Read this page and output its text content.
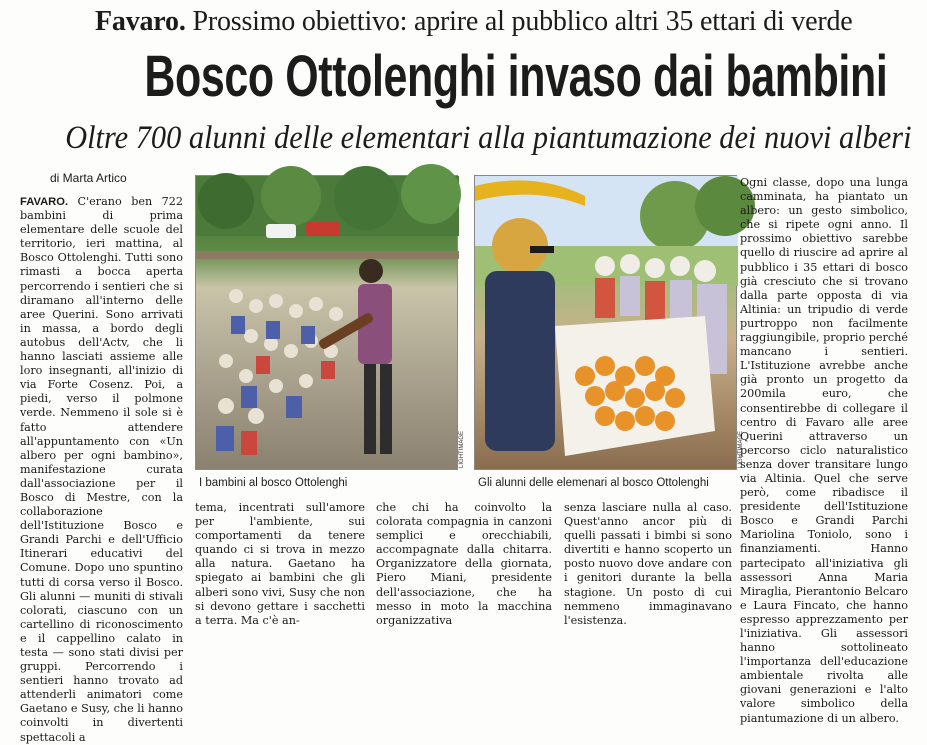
Favaro. Prossimo obiettivo: aprire al pubblico altri 35 ettari di verde
Bosco Ottolenghi invaso dai bambini
Oltre 700 alunni delle elementari alla piantumazione dei nuovi alberi
di Marta Artico

FAVARO. C'erano ben 722 bambini di prima elementare delle scuole del territorio, ieri mattina, al Bosco Ottolenghi. Tutti sono rimasti a bocca aperta percorrendo i sentieri che si diramano all'interno delle aree Querini. Sono arrivati in massa, a bordo degli autobus dell'Actv, che li hanno lasciati assieme alle loro insegnanti, all'inizio di via Forte Cosenz. Poi, a piedi, verso il polmone verde. Nemmeno il sole si è fatto attendere all'appuntamento con «Un albero per ogni bambino», manifestazione curata dall'associazione per il Bosco di Mestre, con la collaborazione dell'Istituzione Bosco e Grandi Parchi e dell'Ufficio Itinerari educativi del Comune. Dopo uno spuntino tutti di corsa verso il Bosco. Gli alunni — muniti di stivali colorati, ciascuno con un cartellino di riconoscimento e il cappellino calato in testa — sono stati divisi per gruppi. Percorrendo i sentieri hanno trovato ad attenderli animatori come Gaetano e Susy, che li hanno coinvolti in divertenti spettacoli a

LIGHTIMAGE	LIGHTIMAGE
I bambini al bosco Ottolenghi	Gli alunni delle elemenari al bosco Ottolenghi
tema, incentrati sull'amore per l'ambiente, sui comportamenti da tenere quando ci si trova in mezzo alla natura. Gaetano ha spiegato ai bambini che gli alberi sono vivi, Susy che non si devono gettare i sacchetti a terra. Ma c'è an-
che chi ha coinvolto la coloratа compagnia in canzoni semplici e orecchiabili, accompagnate dalla chitarra. Organizzatore della giornata, Piero Miani, presidente dell'associazione, che ha messo in moto la macchina organizzativa
senza lasciare nulla al caso. Quest'anno ancor più di quelli passati i bimbi si sono divertiti e hanno scoperto un posto nuovo dove andare con i genitori durante la bella stagione. Un posto di cui nemmeno immaginavano l'esistenza.
Ogni classe, dopo una lunga camminata, ha piantato un albero: un gesto simbolico, che si ripete ogni anno. Il prossimo obiettivo sarebbe quello di riuscire ad aprire al pubblico i 35 ettari di bosco già cresciuto che si trovano dalla parte opposta di via Altinia: un tripudio di verde purtroppo non facilmente raggiungibile, proprio perché mancano i sentieri. L'Istituzione avrebbe anche già pronto un progetto da 200mila euro, che consentirebbe di collegare il centro di Favaro alle aree Querini attraverso un percorso ciclo naturalistico senza dover transitare lungo via Altinia. Quel che serve però, come ribadisce il presidente dell'Istituzione Bosco e Grandi Parchi Mariolina Toniolo, sono i finanziamenti. Hanno partecipato all'iniziativa gli assessori Anna Maria Miraglia, Pierantonio Belcaro e Laura Fincato, che hanno espresso apprezzamento per l'iniziativa. Gli assessori hanno sottolineato l'importanza dell'educazione ambientale rivolta alle giovani generazioni e l'alto valore simbolico della piantumazione di un albero.
